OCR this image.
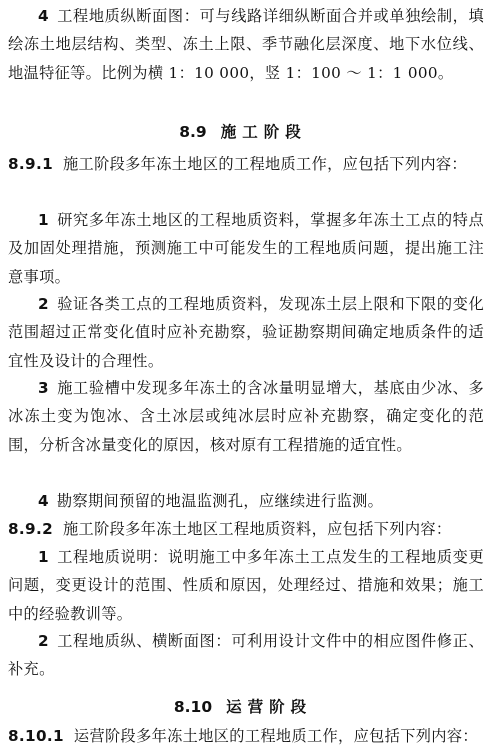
4 工程地质纵断面图：可与线路详细纵断面合并或单独绘制，填绘冻土地层结构、类型、冻土上限、季节融化层深度、地下水位线、地温特征等。比例为横 1：10 000，竖 1：100 ～ 1：1 000。

8.9 施工阶段

8.9.1 施工阶段多年冻土地区的工程地质工作，应包括下列内容：

1 研究多年冻土地区的工程地质资料，掌握多年冻土工点的特点及加固处理措施，预测施工中可能发生的工程地质问题，提出施工注意事项。

2 验证各类工点的工程地质资料，发现冻土层上限和下限的变化范围超过正常变化值时应补充勘察，验证勘察期间确定地质条件的适宜性及设计的合理性。

3 施工验槽中发现多年冻土的含冰量明显增大，基底由少冰、多冰冻土变为饱冰、含土冰层或纯冰层时应补充勘察，确定变化的范围，分析含冰量变化的原因，核对原有工程措施的适宜性。

4 勘察期间预留的地温监测孔，应继续进行监测。

8.9.2 施工阶段多年冻土地区工程地质资料，应包括下列内容：

1 工程地质说明：说明施工中多年冻土工点发生的工程地质变更问题，变更设计的范围、性质和原因，处理经过、措施和效果；施工中的经验教训等。

2 工程地质纵、横断面图：可利用设计文件中的相应图件修正、补充。

8.10 运营阶段

8.10.1 运营阶段多年冻土地区的工程地质工作，应包括下列内容：
